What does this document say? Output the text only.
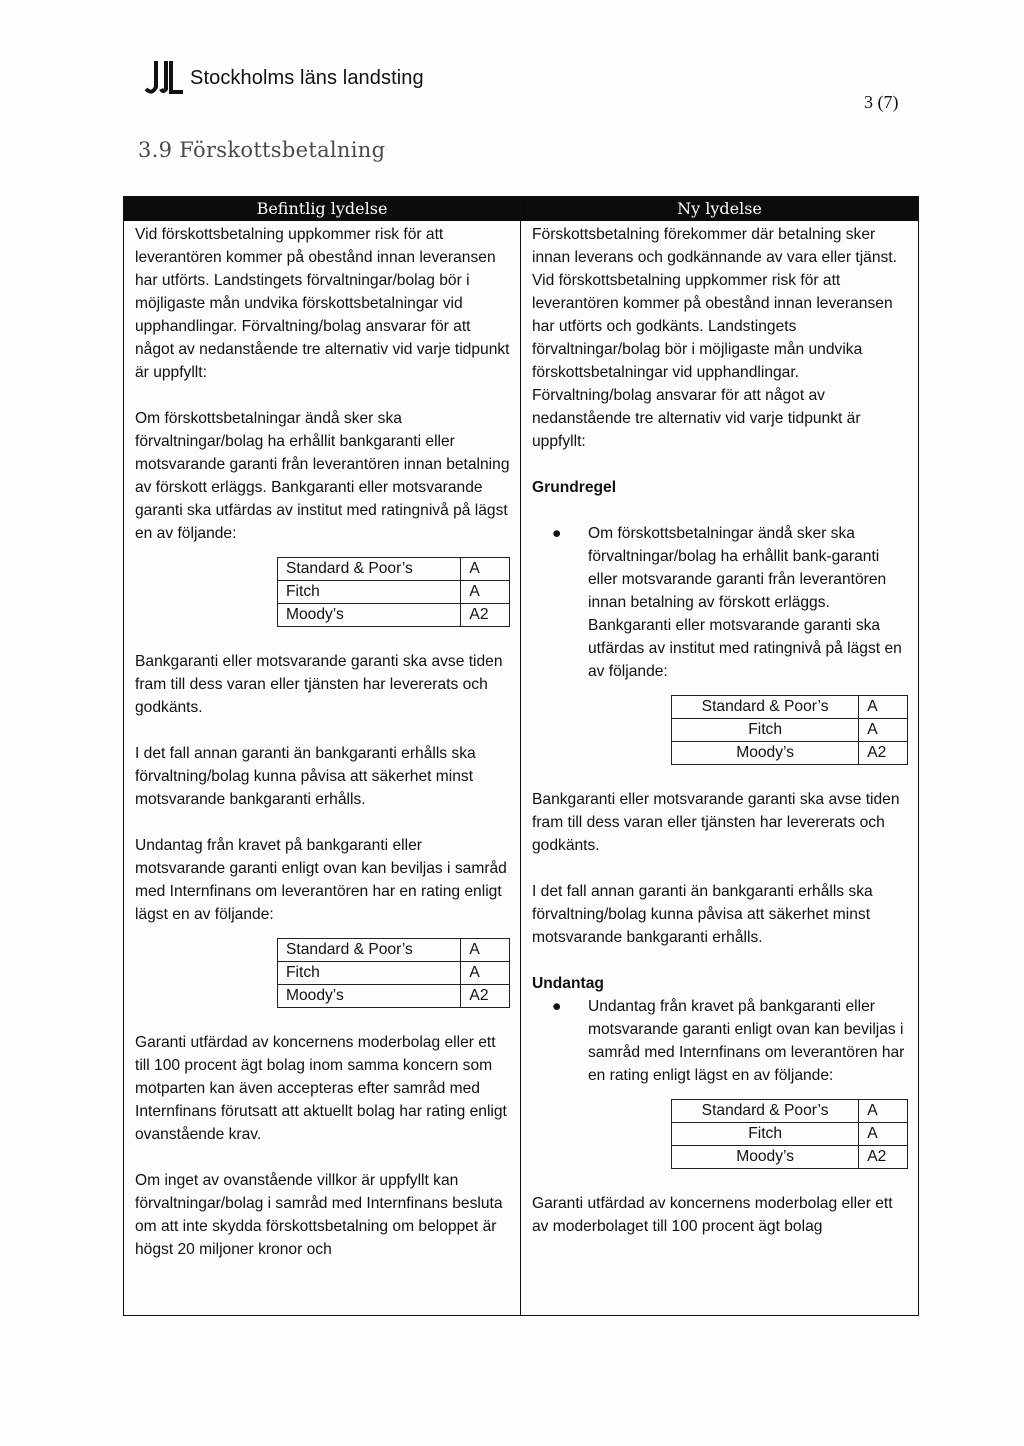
Stockholms läns landsting
3 (7)
3.9 Förskottsbetalning
Befintlig lydelse

Vid förskottsbetalning uppkommer risk för att leverantören kommer på obestånd innan leveransen har utförts. Landstingets förvaltningar/bolag bör i möjligaste mån undvika förskottsbetalningar vid upphandlingar. Förvaltning/bolag ansvarar för att något av nedanstående tre alternativ vid varje tidpunkt är uppfyllt:

Om förskottsbetalningar ändå sker ska förvaltningar/bolag ha erhållit bankgaranti eller motsvarande garanti från leverantören innan betalning av förskott erläggs. Bankgaranti eller motsvarande garanti ska utfärdas av institut med ratingnivå på lägst en av följande:

Standard & Poor’s	A
Fitch	A
Moody’s	A2

Bankgaranti eller motsvarande garanti ska avse tiden fram till dess varan eller tjänsten har levererats och godkänts.

I det fall annan garanti än bankgaranti erhålls ska förvaltning/bolag kunna påvisa att säkerhet minst motsvarande bankgaranti erhålls.

Undantag från kravet på bankgaranti eller motsvarande garanti enligt ovan kan beviljas i samråd med Internfinans om leverantören har en rating enligt lägst en av följande:

Standard & Poor’s	A
Fitch	A
Moody’s	A2

Garanti utfärdad av koncernens moderbolag eller ett till 100 procent ägt bolag inom samma koncern som motparten kan även accepteras efter samråd med Internfinans förutsatt att aktuellt bolag har rating enligt ovanstående krav.

Om inget av ovanstående villkor är uppfyllt kan förvaltningar/bolag i samråd med Internfinans besluta om att inte skydda förskottsbetalning om beloppet är högst 20 miljoner kronor och

Ny lydelse

Förskottsbetalning förekommer där betalning sker innan leverans och godkännande av vara eller tjänst.

Vid förskottsbetalning uppkommer risk för att leverantören kommer på obestånd innan leveransen har utförts och godkänts. Landstingets förvaltningar/bolag bör i möjligaste mån undvika förskottsbetalningar vid upphandlingar. Förvaltning/bolag ansvarar för att något av nedanstående tre alternativ vid varje tidpunkt är uppfyllt:

Grundregel
●	Om förskottsbetalningar ändå sker ska förvaltningar/bolag ha erhållit bank-garanti eller motsvarande garanti från leverantören innan betalning av förskott erläggs. Bankgaranti eller motsvarande garanti ska utfärdas av institut med ratingnivå på lägst en av följande:
Standard & Poor’s	A
Fitch	A
Moody’s	A2

Bankgaranti eller motsvarande garanti ska avse tiden fram till dess varan eller tjänsten har levererats och godkänts.

I det fall annan garanti än bankgaranti erhålls ska förvaltning/bolag kunna påvisa att säkerhet minst motsvarande bankgaranti erhålls.

Undantag
●	Undantag från kravet på bankgaranti eller motsvarande garanti enligt ovan kan beviljas i samråd med Internfinans om leverantören har en rating enligt lägst en av följande:
Standard & Poor’s	A
Fitch	A
Moody’s	A2

Garanti utfärdad av koncernens moderbolag eller ett av moderbolaget till 100 procent ägt bolag
